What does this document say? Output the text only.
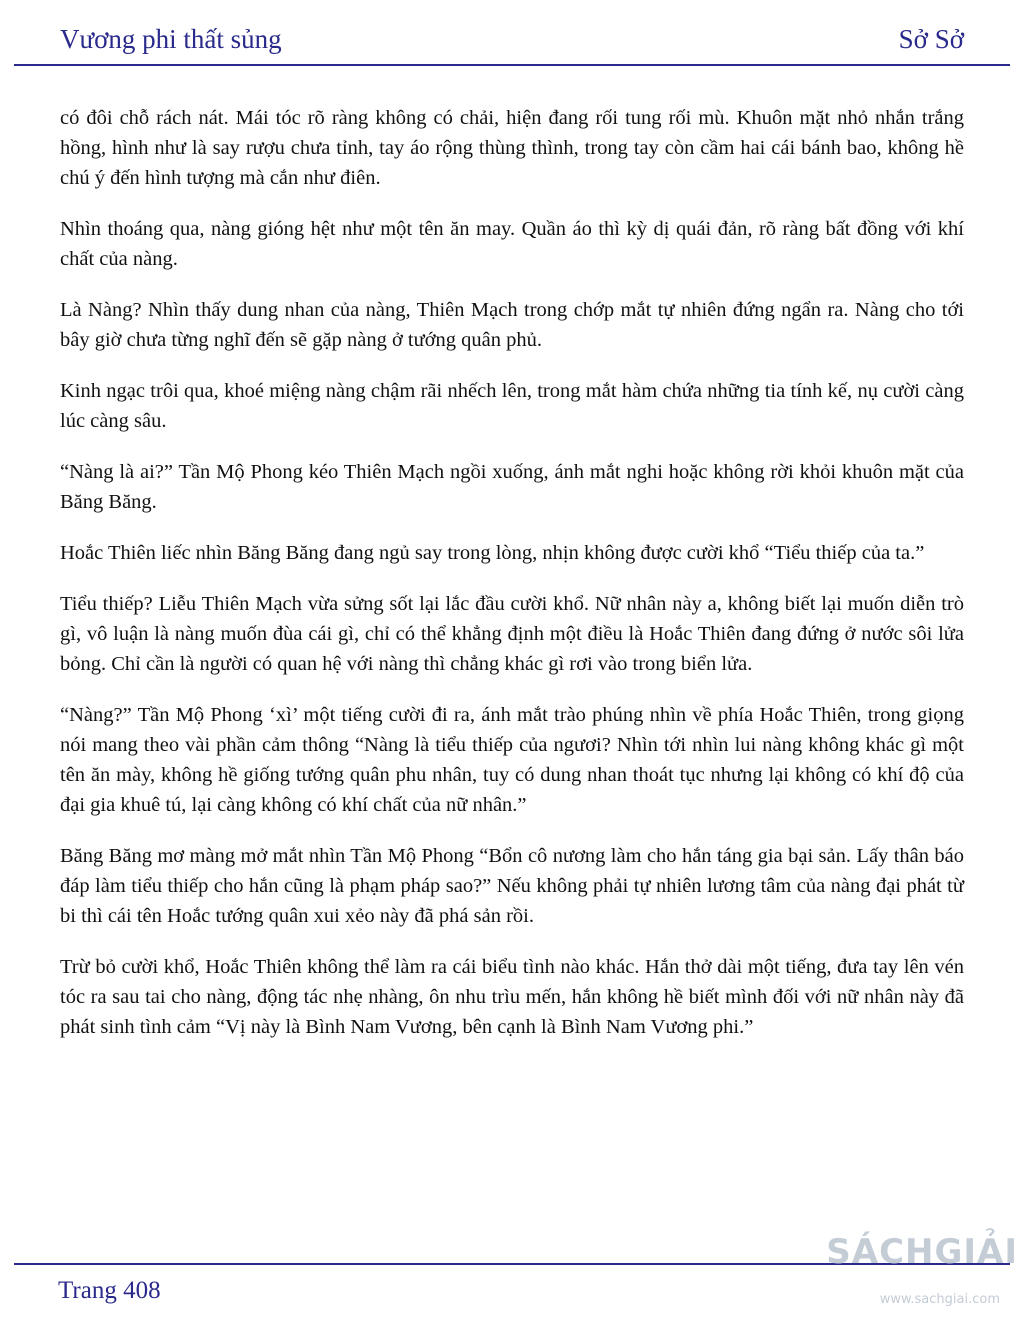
Vương phi thất sủng	Sở Sở

có đôi chỗ rách nát. Mái tóc rõ ràng không có chải, hiện đang rối tung rối mù. Khuôn mặt nhỏ nhắn trắng hồng, hình như là say rượu chưa tỉnh, tay áo rộng thùng thình, trong tay còn cầm hai cái bánh bao, không hề chú ý đến hình tượng mà cắn như điên.

Nhìn thoáng qua, nàng gióng hệt như một tên ăn may. Quần áo thì kỳ dị quái đản, rõ ràng bất đồng với khí chất của nàng.

Là Nàng? Nhìn thấy dung nhan của nàng, Thiên Mạch trong chớp mắt tự nhiên đứng ngẩn ra. Nàng cho tới bây giờ chưa từng nghĩ đến sẽ gặp nàng ở tướng quân phủ.

Kinh ngạc trôi qua, khoé miệng nàng chậm rãi nhếch lên, trong mắt hàm chứa những tia tính kế, nụ cười càng lúc càng sâu.

“Nàng là ai?” Tần Mộ Phong kéo Thiên Mạch ngồi xuống, ánh mắt nghi hoặc không rời khỏi khuôn mặt của Băng Băng.

Hoắc Thiên liếc nhìn Băng Băng đang ngủ say trong lòng, nhịn không được cười khổ “Tiểu thiếp của ta.”

Tiểu thiếp? Liễu Thiên Mạch vừa sửng sốt lại lắc đầu cười khổ. Nữ nhân này a, không biết lại muốn diễn trò gì, vô luận là nàng muốn đùa cái gì, chỉ có thể khẳng định một điều là Hoắc Thiên đang đứng ở nước sôi lửa bỏng. Chỉ cần là người có quan hệ với nàng thì chẳng khác gì rơi vào trong biển lửa.

“Nàng?” Tần Mộ Phong ‘xì’ một tiếng cười đi ra, ánh mắt trào phúng nhìn về phía Hoắc Thiên, trong giọng nói mang theo vài phần cảm thông “Nàng là tiểu thiếp của ngươi? Nhìn tới nhìn lui nàng không khác gì một tên ăn mày, không hề giống tướng quân phu nhân, tuy có dung nhan thoát tục nhưng lại không có khí độ của đại gia khuê tú, lại càng không có khí chất của nữ nhân.”

Băng Băng mơ màng mở mắt nhìn Tần Mộ Phong “Bổn cô nương làm cho hắn táng gia bại sản. Lấy thân báo đáp làm tiểu thiếp cho hắn cũng là phạm pháp sao?” Nếu không phải tự nhiên lương tâm của nàng đại phát từ bi thì cái tên Hoắc tướng quân xui xẻo này đã phá sản rồi.

Trừ bỏ cười khổ, Hoắc Thiên không thể làm ra cái biểu tình nào khác. Hắn thở dài một tiếng, đưa tay lên vén tóc ra sau tai cho nàng, động tác nhẹ nhàng, ôn nhu trìu mến, hắn không hề biết mình đối với nữ nhân này đã phát sinh tình cảm “Vị này là Bình Nam Vương, bên cạnh là Bình Nam Vương phi.”

Trang 408
SÁCHGIẢI
www.sachgiai.com
